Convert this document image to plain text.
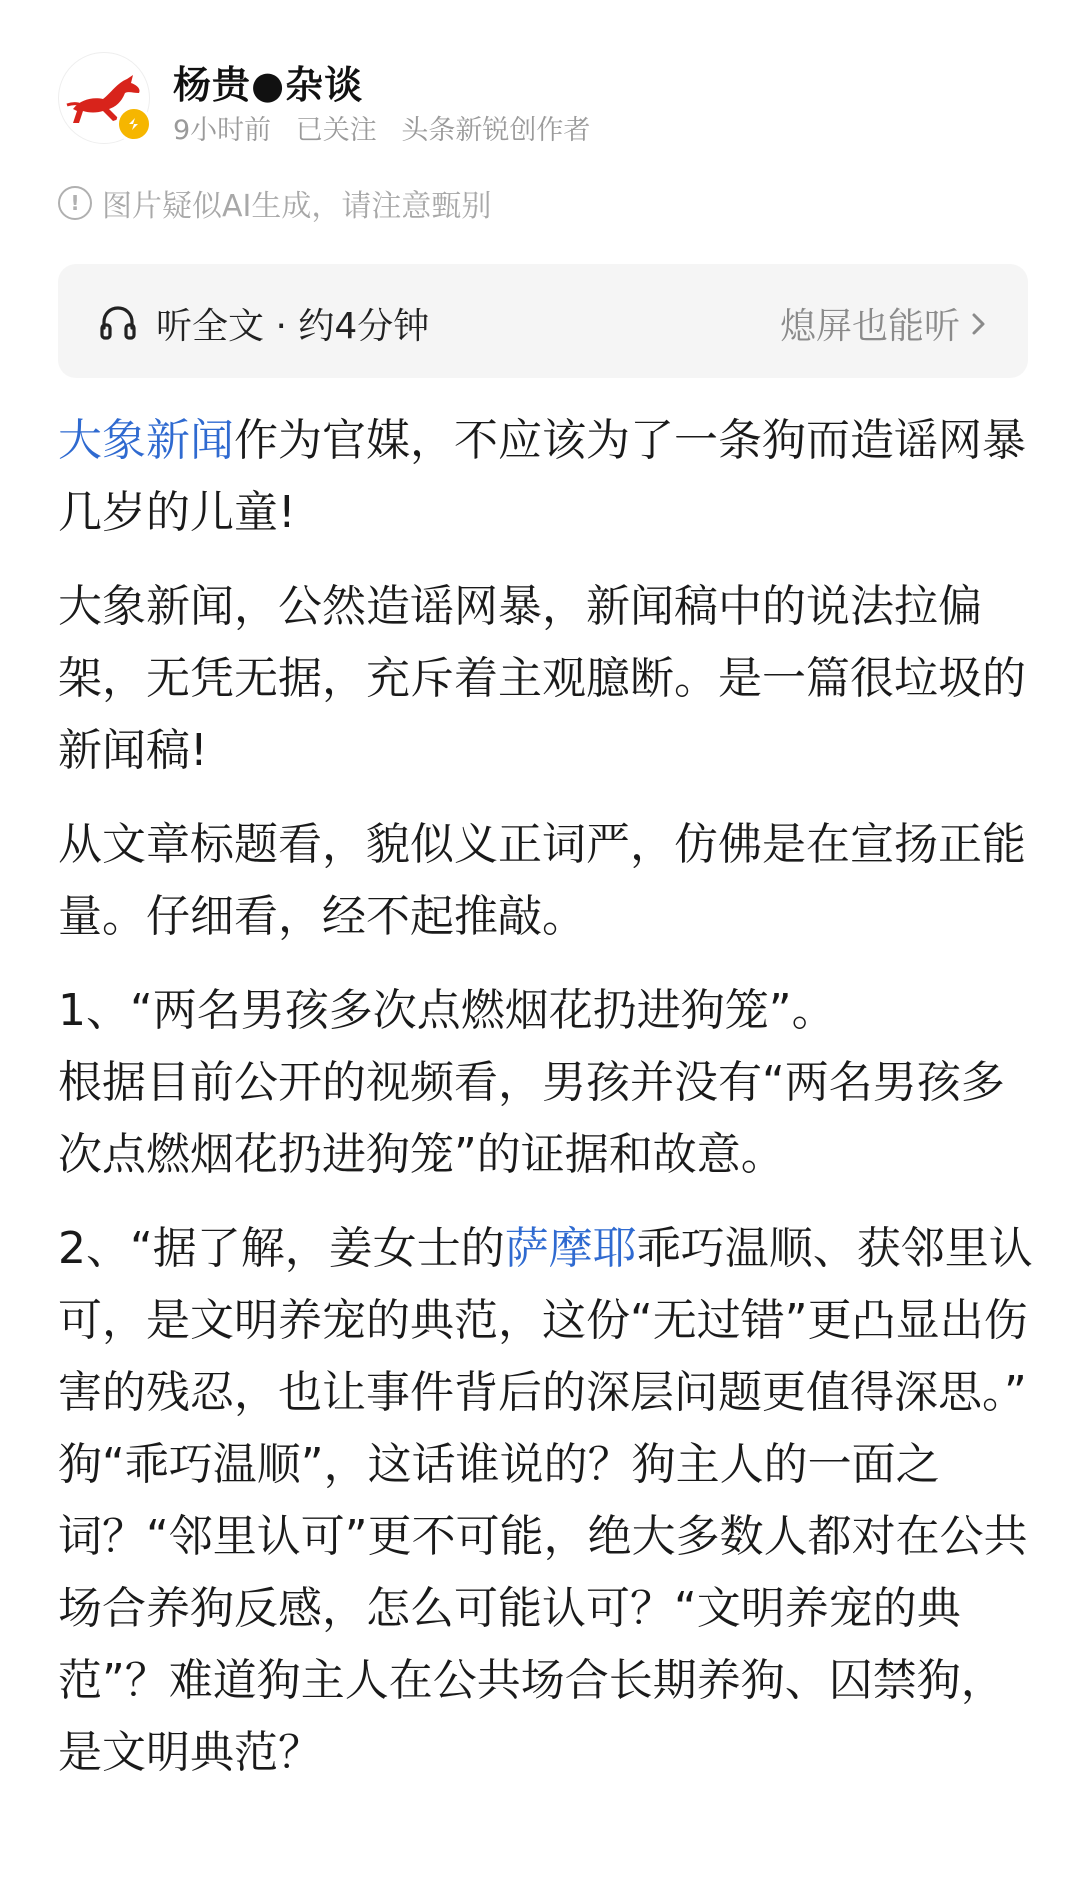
杨贵●杂谈
9小时前 已关注 头条新锐创作者
! 图片疑似AI生成，请注意甄别
听全文 · 约4分钟	熄屏也能听

大象新闻作为官媒，不应该为了一条狗而造谣网暴几岁的儿童!

大象新闻，公然造谣网暴，新闻稿中的说法拉偏架，无凭无据，充斥着主观臆断。是一篇很垃圾的新闻稿!

从文章标题看，貌似义正词严，仿佛是在宣扬正能量。仔细看，经不起推敲。

1、“两名男孩多次点燃烟花扔进狗笼”。
根据目前公开的视频看，男孩并没有“两名男孩多次点燃烟花扔进狗笼”的证据和故意。

2、“据了解，姜女士的萨摩耶乖巧温顺、获邻里认可，是文明养宠的典范，这份“无过错”更凸显出伤害的残忍，也让事件背后的深层问题更值得深思。”

狗“乖巧温顺”，这话谁说的？狗主人的一面之词？“邻里认可”更不可能，绝大多数人都对在公共场合养狗反感，怎么可能认可？“文明养宠的典范”？难道狗主人在公共场合长期养狗、囚禁狗，是文明典范？
